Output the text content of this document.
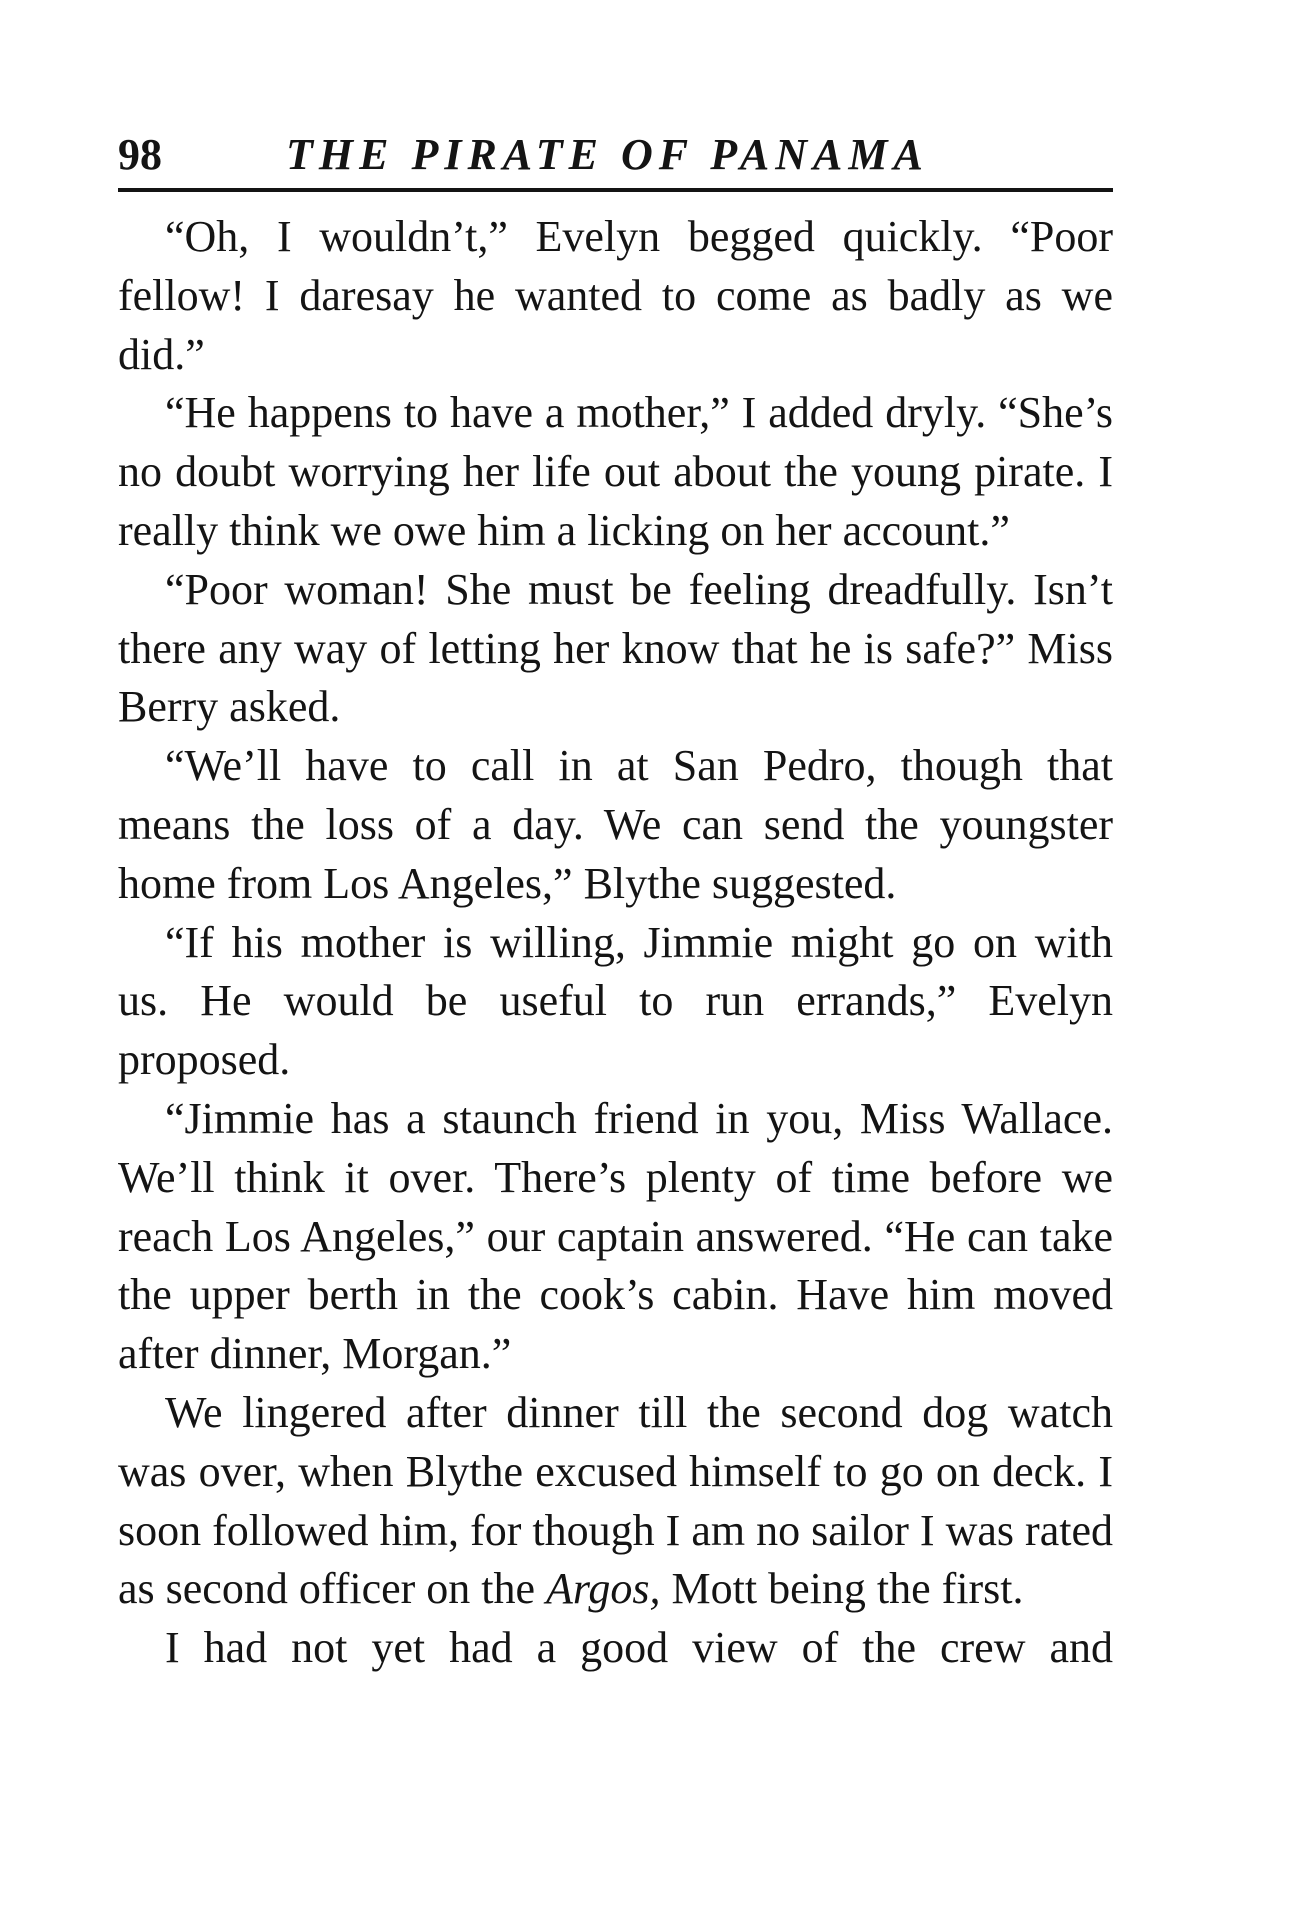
98	THE PIRATE OF PANAMA

“Oh, I wouldn’t,” Evelyn begged quickly. “Poor fellow! I daresay he wanted to come as badly as we did.”

“He happens to have a mother,” I added dryly. “She’s no doubt worrying her life out about the young pirate. I really think we owe him a licking on her account.”

“Poor woman! She must be feeling dreadfully. Isn’t there any way of letting her know that he is safe?” Miss Berry asked.

“We’ll have to call in at San Pedro, though that means the loss of a day. We can send the youngster home from Los Angeles,” Blythe suggested.

“If his mother is willing, Jimmie might go on with us. He would be useful to run errands,” Evelyn proposed.

“Jimmie has a staunch friend in you, Miss Wallace. We’ll think it over. There’s plenty of time before we reach Los Angeles,” our captain answered. “He can take the upper berth in the cook’s cabin. Have him moved after dinner, Morgan.”

We lingered after dinner till the second dog watch was over, when Blythe excused himself to go on deck. I soon followed him, for though I am no sailor I was rated as second officer on the Argos, Mott being the first.

I had not yet had a good view of the crew and
